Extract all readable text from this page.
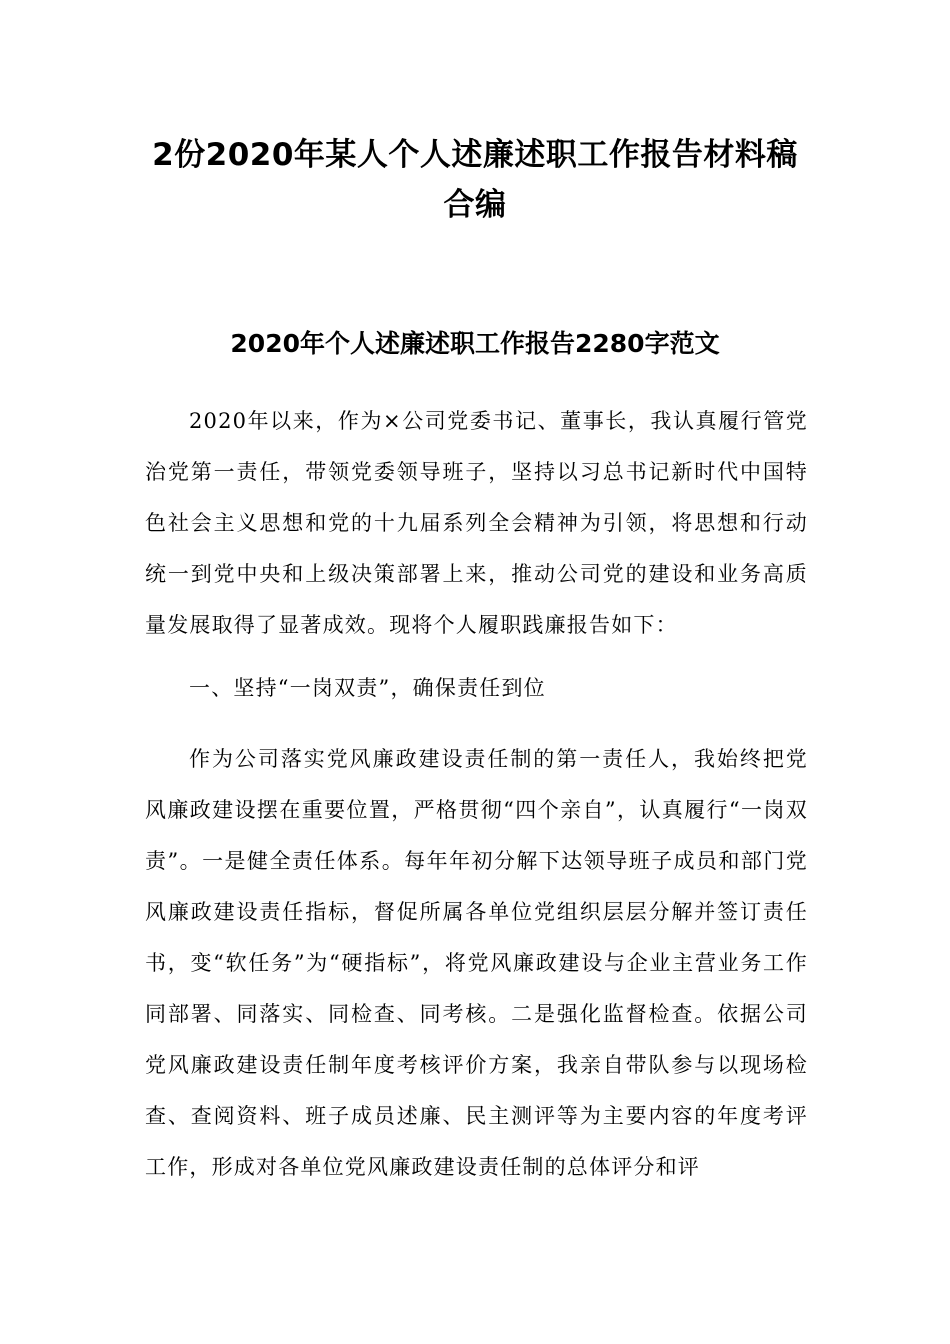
2份2020年某人个人述廉述职工作报告材料稿合编
2020年个人述廉述职工作报告2280字范文

2020年以来，作为×公司党委书记、董事长，我认真履行管党治党第一责任，带领党委领导班子，坚持以习总书记新时代中国特色社会主义思想和党的十九届系列全会精神为引领，将思想和行动统一到党中央和上级决策部署上来，推动公司党的建设和业务高质量发展取得了显著成效。现将个人履职践廉报告如下：

一、坚持“一岗双责”，确保责任到位

作为公司落实党风廉政建设责任制的第一责任人，我始终把党风廉政建设摆在重要位置，严格贯彻“四个亲自”，认真履行“一岗双责”。一是健全责任体系。每年年初分解下达领导班子成员和部门党风廉政建设责任指标，督促所属各单位党组织层层分解并签订责任书，变“软任务”为“硬指标”，将党风廉政建设与企业主营业务工作同部署、同落实、同检查、同考核。二是强化监督检查。依据公司党风廉政建设责任制年度考核评价方案，我亲自带队参与以现场检查、查阅资料、班子成员述廉、民主测评等为主要内容的年度考评工作，形成对各单位党风廉政建设责任制的总体评分和评
